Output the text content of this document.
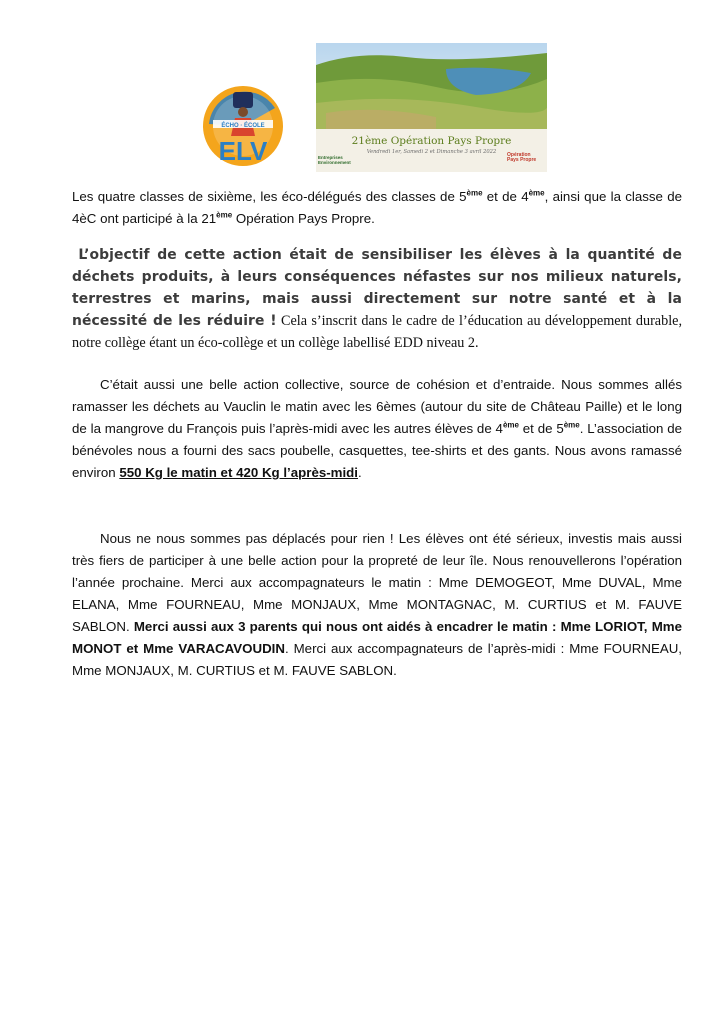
ÉCHO · ÉCOLE
ELV	21ème Opération Pays Propre
Vendredi 1er, Samedi 2 et Dimanche 3 avril 2022
Entreprises Environnement
Opération Pays Propre

Les quatre classes de sixième, les éco-délégués des classes de 5ème et de 4ème, ainsi que la classe de 4èC ont participé à la 21ème Opération Pays Propre.

L’objectif de cette action était de sensibiliser les élèves à la quantité de déchets produits, à leurs conséquences néfastes sur nos milieux naturels, terrestres et marins, mais aussi directement sur notre santé et à la nécessité de les réduire ! Cela s’inscrit dans le cadre de l’éducation au développement durable, notre collège étant un éco-collège et un collège labellisé EDD niveau 2.

C’était aussi une belle action collective, source de cohésion et d’entraide. Nous sommes allés ramasser les déchets au Vauclin le matin avec les 6èmes (autour du site de Château Paille) et le long de la mangrove du François puis l’après-midi avec les autres élèves de 4ème et de 5ème. L’association de bénévoles nous a fourni des sacs poubelle, casquettes, tee-shirts et des gants. Nous avons ramassé environ 550 Kg le matin et 420 Kg l’après-midi.

Nous ne nous sommes pas déplacés pour rien ! Les élèves ont été sérieux, investis mais aussi très fiers de participer à une belle action pour la propreté de leur île. Nous renouvellerons l’opération l’année prochaine. Merci aux accompagnateurs le matin : Mme DEMOGEOT, Mme DUVAL, Mme ELANA, Mme FOURNEAU, Mme MONJAUX, Mme MONTAGNAC, M. CURTIUS et M. FAUVE SABLON. Merci aussi aux 3 parents qui nous ont aidés à encadrer le matin : Mme LORIOT, Mme MONOT et Mme VARACAVOUDIN. Merci aux accompagnateurs de l’après-midi : Mme FOURNEAU, Mme MONJAUX, M. CURTIUS et M. FAUVE SABLON.
